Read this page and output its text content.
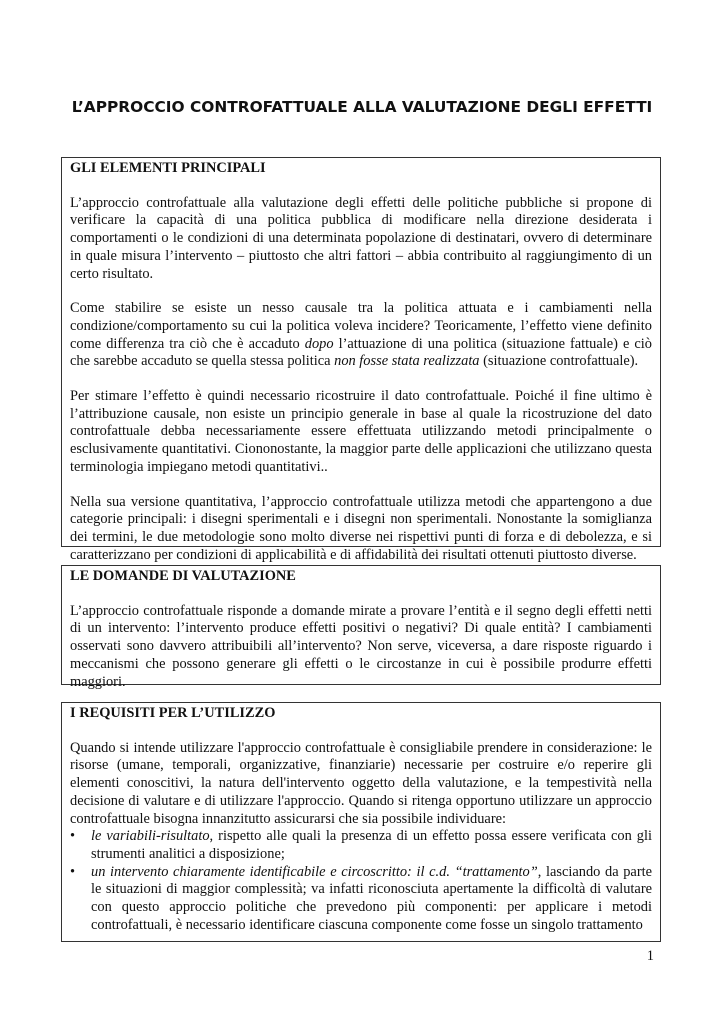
L’APPROCCIO CONTROFATTUALE ALLA VALUTAZIONE DEGLI EFFETTI

GLI ELEMENTI PRINCIPALI

L’approccio controfattuale alla valutazione degli effetti delle politiche pubbliche si propone di verificare la capacità di una politica pubblica di modificare nella direzione desiderata i comportamenti o le condizioni di una determinata popolazione di destinatari, ovvero di determinare in quale misura l’intervento – piuttosto che altri fattori – abbia contribuito al raggiungimento di un certo risultato.

Come stabilire se esiste un nesso causale tra la politica attuata e i cambiamenti nella condizione/comportamento su cui la politica voleva incidere? Teoricamente, l’effetto viene definito come differenza tra ciò che è accaduto dopo l’attuazione di una politica (situazione fattuale) e ciò che sarebbe accaduto se quella stessa politica non fosse stata realizzata (situazione controfattuale).

Per stimare l’effetto è quindi necessario ricostruire il dato controfattuale. Poiché il fine ultimo è l’attribuzione causale, non esiste un principio generale in base al quale la ricostruzione del dato controfattuale debba necessariamente essere effettuata utilizzando metodi principalmente o esclusivamente quantitativi. Ciononostante, la maggior parte delle applicazioni che utilizzano questa terminologia impiegano metodi quantitativi..

Nella sua versione quantitativa, l’approccio controfattuale utilizza metodi che appartengono a due categorie principali: i disegni sperimentali e i disegni non sperimentali. Nonostante la somiglianza dei termini, le due metodologie sono molto diverse nei rispettivi punti di forza e di debolezza, e si caratterizzano per condizioni di applicabilità e di affidabilità dei risultati ottenuti piuttosto diverse.

LE DOMANDE DI VALUTAZIONE

L’approccio controfattuale risponde a domande mirate a provare l’entità e il segno degli effetti netti di un intervento: l’intervento produce effetti positivi o negativi? Di quale entità? I cambiamenti osservati sono davvero attribuibili all’intervento? Non serve, viceversa, a dare risposte riguardo i meccanismi che possono generare gli effetti o le circostanze in cui è possibile produrre effetti maggiori.

I REQUISITI PER L’UTILIZZO

Quando si intende utilizzare l'approccio controfattuale è consigliabile prendere in considerazione: le risorse (umane, temporali, organizzative, finanziarie) necessarie per costruire e/o reperire gli elementi conoscitivi, la natura dell'intervento oggetto della valutazione, e la tempestività nella decisione di valutare e di utilizzare l'approccio. Quando si ritenga opportuno utilizzare un approccio controfattuale bisogna innanzitutto assicurarsi che sia possibile individuare:

• le variabili-risultato, rispetto alle quali la presenza di un effetto possa essere verificata con gli strumenti analitici a disposizione;
• un intervento chiaramente identificabile e circoscritto: il c.d. “trattamento”, lasciando da parte le situazioni di maggior complessità; va infatti riconosciuta apertamente la difficoltà di valutare con questo approccio politiche che prevedono più componenti: per applicare i metodi controfattuali, è necessario identificare ciascuna componente come fosse un singolo trattamento
1
